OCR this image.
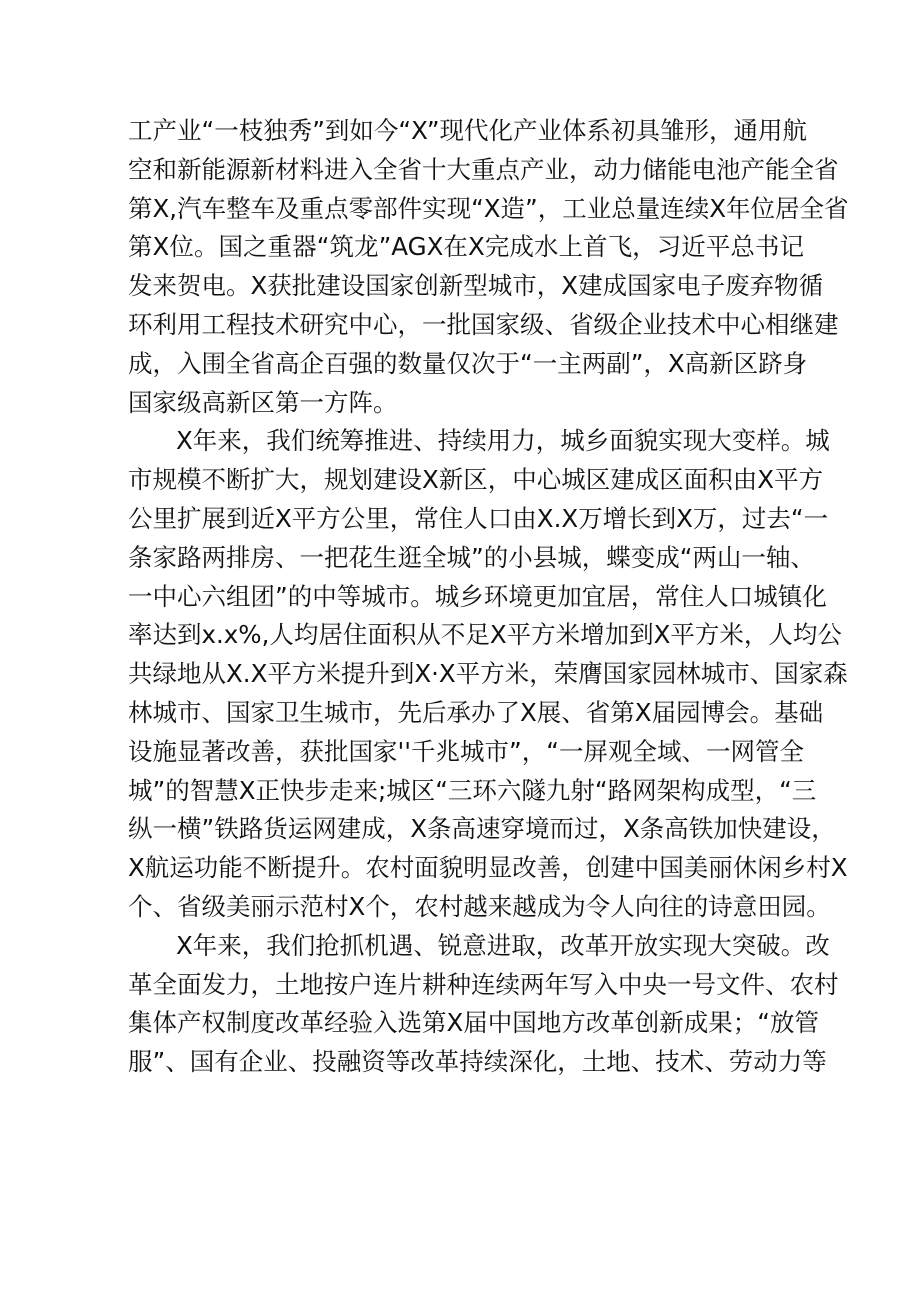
工产业“一枝独秀”到如今“X”现代化产业体系初具雏形，通用航
空和新能源新材料进入全省十大重点产业，动力储能电池产能全省
第X,汽车整车及重点零部件实现“X造”，工业总量连续X年位居全省
第X位。国之重器“筑龙”AGX在X完成水上首飞，习近平总书记
发来贺电。X获批建设国家创新型城市，X建成国家电子废弃物循
环利用工程技术研究中心，一批国家级、省级企业技术中心相继建
成，入围全省高企百强的数量仅次于“一主两副”，X高新区跻身
国家级高新区第一方阵。
X年来，我们统筹推进、持续用力，城乡面貌实现大变样。城
市规模不断扩大，规划建设X新区，中心城区建成区面积由X平方
公里扩展到近X平方公里，常住人口由X.X万增长到X万，过去“一
条家路两排房、一把花生逛全城”的小县城，蝶变成“两山一轴、
一中心六组团”的中等城市。城乡环境更加宜居，常住人口城镇化
率达到x.x%,人均居住面积从不足X平方米增加到X平方米，人均公
共绿地从X.X平方米提升到X·X平方米，荣膺国家园林城市、国家森
林城市、国家卫生城市，先后承办了X展、省第X届园博会。基础
设施显著改善，获批国家''千兆城市”，“一屏观全域、一网管全
城”的智慧X正快步走来;城区“三环六隧九射“路网架构成型，“三
纵一横”铁路货运网建成，X条高速穿境而过，X条高铁加快建设，
X航运功能不断提升。农村面貌明显改善，创建中国美丽休闲乡村X
个、省级美丽示范村X个，农村越来越成为令人向往的诗意田园。
X年来，我们抢抓机遇、锐意进取，改革开放实现大突破。改
革全面发力，土地按户连片耕种连续两年写入中央一号文件、农村
集体产权制度改革经验入选第X届中国地方改革创新成果；“放管
服”、国有企业、投融资等改革持续深化，土地、技术、劳动力等
